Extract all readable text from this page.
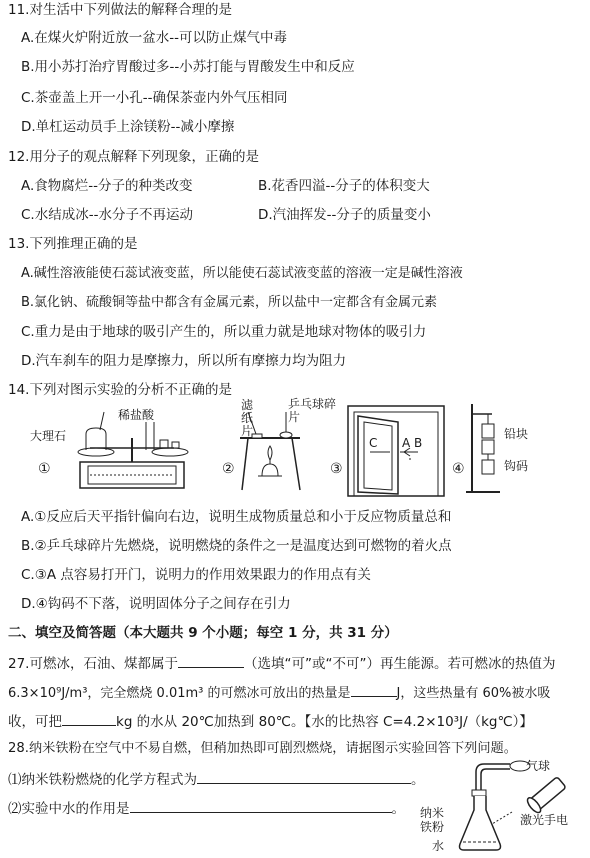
11.对生活中下列做法的解释合理的是
A.在煤火炉附近放一盆水--可以防止煤气中毒
B.用小苏打治疗胃酸过多--小苏打能与胃酸发生中和反应
C.茶壶盖上开一小孔--确保茶壶内外气压相同
D.单杠运动员手上涂镁粉--减小摩擦
12.用分子的观点解释下列现象，正确的是
A.食物腐烂--分子的种类改变	B.花香四溢--分子的体积变大
C.水结成冰--水分子不再运动	D.汽油挥发--分子的质量变小
13.下列推理正确的是
A.碱性溶液能使石蕊试液变蓝，所以能使石蕊试液变蓝的溶液一定是碱性溶液
B.氯化钠、硫酸铜等盐中都含有金属元素，所以盐中一定都含有金属元素
C.重力是由于地球的吸引产生的，所以重力就是地球对物体的吸引力
D.汽车刹车的阻力是摩擦力，所以所有摩擦力均为阻力
14.下列对图示实验的分析不正确的是
大理石
稀盐酸
①
滤纸片
乒乓球碎片
②
C A B
③
铅块
钩码
④
A.①反应后天平指针偏向右边，说明生成物质量总和小于反应物质量总和
B.②乒乓球碎片先燃烧，说明燃烧的条件之一是温度达到可燃物的着火点
C.③A 点容易打开门，说明力的作用效果跟力的作用点有关
D.④钩码不下落，说明固体分子之间存在引力
二、填空及简答题（本大题共 9 个小题；每空 1 分，共 31 分）
27.可燃冰，石油、煤都属于	（选填“可”或“不可”）再生能源。若可燃冰的热值为
6.3×10⁹J/m³，完全燃烧 0.01m³ 的可燃冰可放出的热量是	J，这些热量有 60%被水吸
收，可把	kg 的水从 20℃加热到 80℃。【水的比热容 C=4.2×10³J/（kg℃）】
28.纳米铁粉在空气中不易自燃，但稍加热即可剧烈燃烧，请据图示实验回答下列问题。
⑴纳米铁粉燃烧的化学方程式为	。
⑵实验中水的作用是	。
气球
纳米铁粉
水
激光手电
